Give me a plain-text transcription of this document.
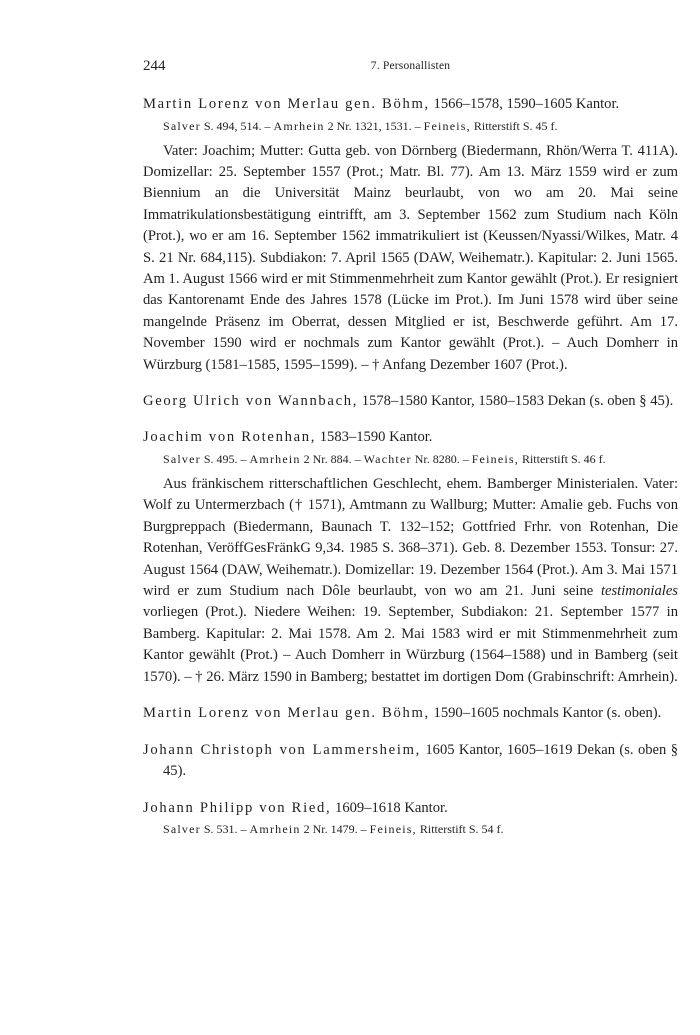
244	7. Personallisten
Martin Lorenz von Merlau gen. Böhm, 1566–1578, 1590–1605 Kantor.
Salver S. 494, 514. – Amrhein 2 Nr. 1321, 1531. – Feineis, Ritterstift S. 45 f.
Vater: Joachim; Mutter: Gutta geb. von Dörnberg (Biedermann, Rhön/Werra T. 411A). Domizellar: 25. September 1557 (Prot.; Matr. Bl. 77). Am 13. März 1559 wird er zum Biennium an die Universität Mainz beurlaubt, von wo am 20. Mai seine Immatrikulationsbestätigung eintrifft, am 3. September 1562 zum Studium nach Köln (Prot.), wo er am 16. September 1562 immatrikuliert ist (Keussen/Nyassi/Wilkes, Matr. 4 S. 21 Nr. 684,115). Subdiakon: 7. April 1565 (DAW, Weihematr.). Kapitular: 2. Juni 1565. Am 1. August 1566 wird er mit Stimmenmehrheit zum Kantor gewählt (Prot.). Er resigniert das Kantorenamt Ende des Jahres 1578 (Lücke im Prot.). Im Juni 1578 wird über seine mangelnde Präsenz im Oberrat, dessen Mitglied er ist, Beschwerde geführt. Am 17. November 1590 wird er nochmals zum Kantor gewählt (Prot.). – Auch Domherr in Würzburg (1581–1585, 1595–1599). – † Anfang Dezember 1607 (Prot.).
Georg Ulrich von Wannbach, 1578–1580 Kantor, 1580–1583 Dekan (s. oben § 45).
Joachim von Rotenhan, 1583–1590 Kantor.
Salver S. 495. – Amrhein 2 Nr. 884. – Wachter Nr. 8280. – Feineis, Ritterstift S. 46 f.
Aus fränkischem ritterschaftlichen Geschlecht, ehem. Bamberger Ministerialen. Vater: Wolf zu Untermerzbach († 1571), Amtmann zu Wallburg; Mutter: Amalie geb. Fuchs von Burgpreppach (Biedermann, Baunach T. 132–152; Gottfried Frhr. von Rotenhan, Die Rotenhan, VeröffGesFränkG 9,34. 1985 S. 368–371). Geb. 8. Dezember 1553. Tonsur: 27. August 1564 (DAW, Weihematr.). Domizellar: 19. Dezember 1564 (Prot.). Am 3. Mai 1571 wird er zum Studium nach Dôle beurlaubt, von wo am 21. Juni seine testimoniales vorliegen (Prot.). Niedere Weihen: 19. September, Subdiakon: 21. September 1577 in Bamberg. Kapitular: 2. Mai 1578. Am 2. Mai 1583 wird er mit Stimmenmehrheit zum Kantor gewählt (Prot.) – Auch Domherr in Würzburg (1564–1588) und in Bamberg (seit 1570). – † 26. März 1590 in Bamberg; bestattet im dortigen Dom (Grabinschrift: Amrhein).
Martin Lorenz von Merlau gen. Böhm, 1590–1605 nochmals Kantor (s. oben).
Johann Christoph von Lammersheim, 1605 Kantor, 1605–1619 Dekan (s. oben § 45).
Johann Philipp von Ried, 1609–1618 Kantor.
Salver S. 531. – Amrhein 2 Nr. 1479. – Feineis, Ritterstift S. 54 f.
